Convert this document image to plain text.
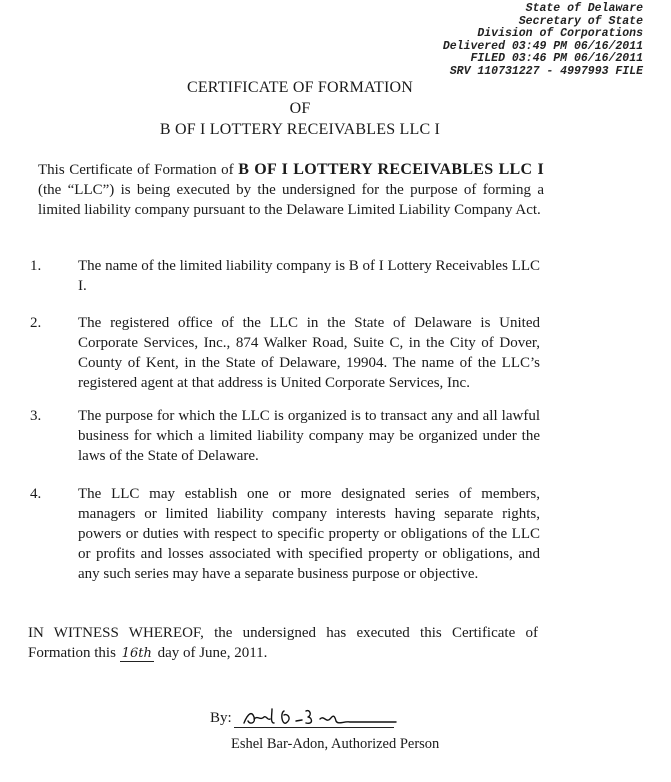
State of Delaware
Secretary of State
Division of Corporations
Delivered 03:49 PM 06/16/2011
FILED 03:46 PM 06/16/2011
SRV 110731227 - 4997993 FILE
CERTIFICATE OF FORMATION
OF
B OF I LOTTERY RECEIVABLES LLC I
This Certificate of Formation of B OF I LOTTERY RECEIVABLES LLC I (the “LLC”) is being executed by the undersigned for the purpose of forming a limited liability company pursuant to the Delaware Limited Liability Company Act.
1.	The name of the limited liability company is B of I Lottery Receivables LLC I.
2.	The registered office of the LLC in the State of Delaware is United Corporate Services, Inc., 874 Walker Road, Suite C, in the City of Dover, County of Kent, in the State of Delaware, 19904. The name of the LLC’s registered agent at that address is United Corporate Services, Inc.
3.	The purpose for which the LLC is organized is to transact any and all lawful business for which a limited liability company may be organized under the laws of the State of Delaware.
4.	The LLC may establish one or more designated series of members, managers or limited liability company interests having separate rights, powers or duties with respect to specific property or obligations of the LLC or profits and losses associated with specified property or obligations, and any such series may have a separate business purpose or objective.
IN WITNESS WHEREOF, the undersigned has executed this Certificate of Formation this 16th day of June, 2011.
By:
Eshel Bar-Adon, Authorized Person
